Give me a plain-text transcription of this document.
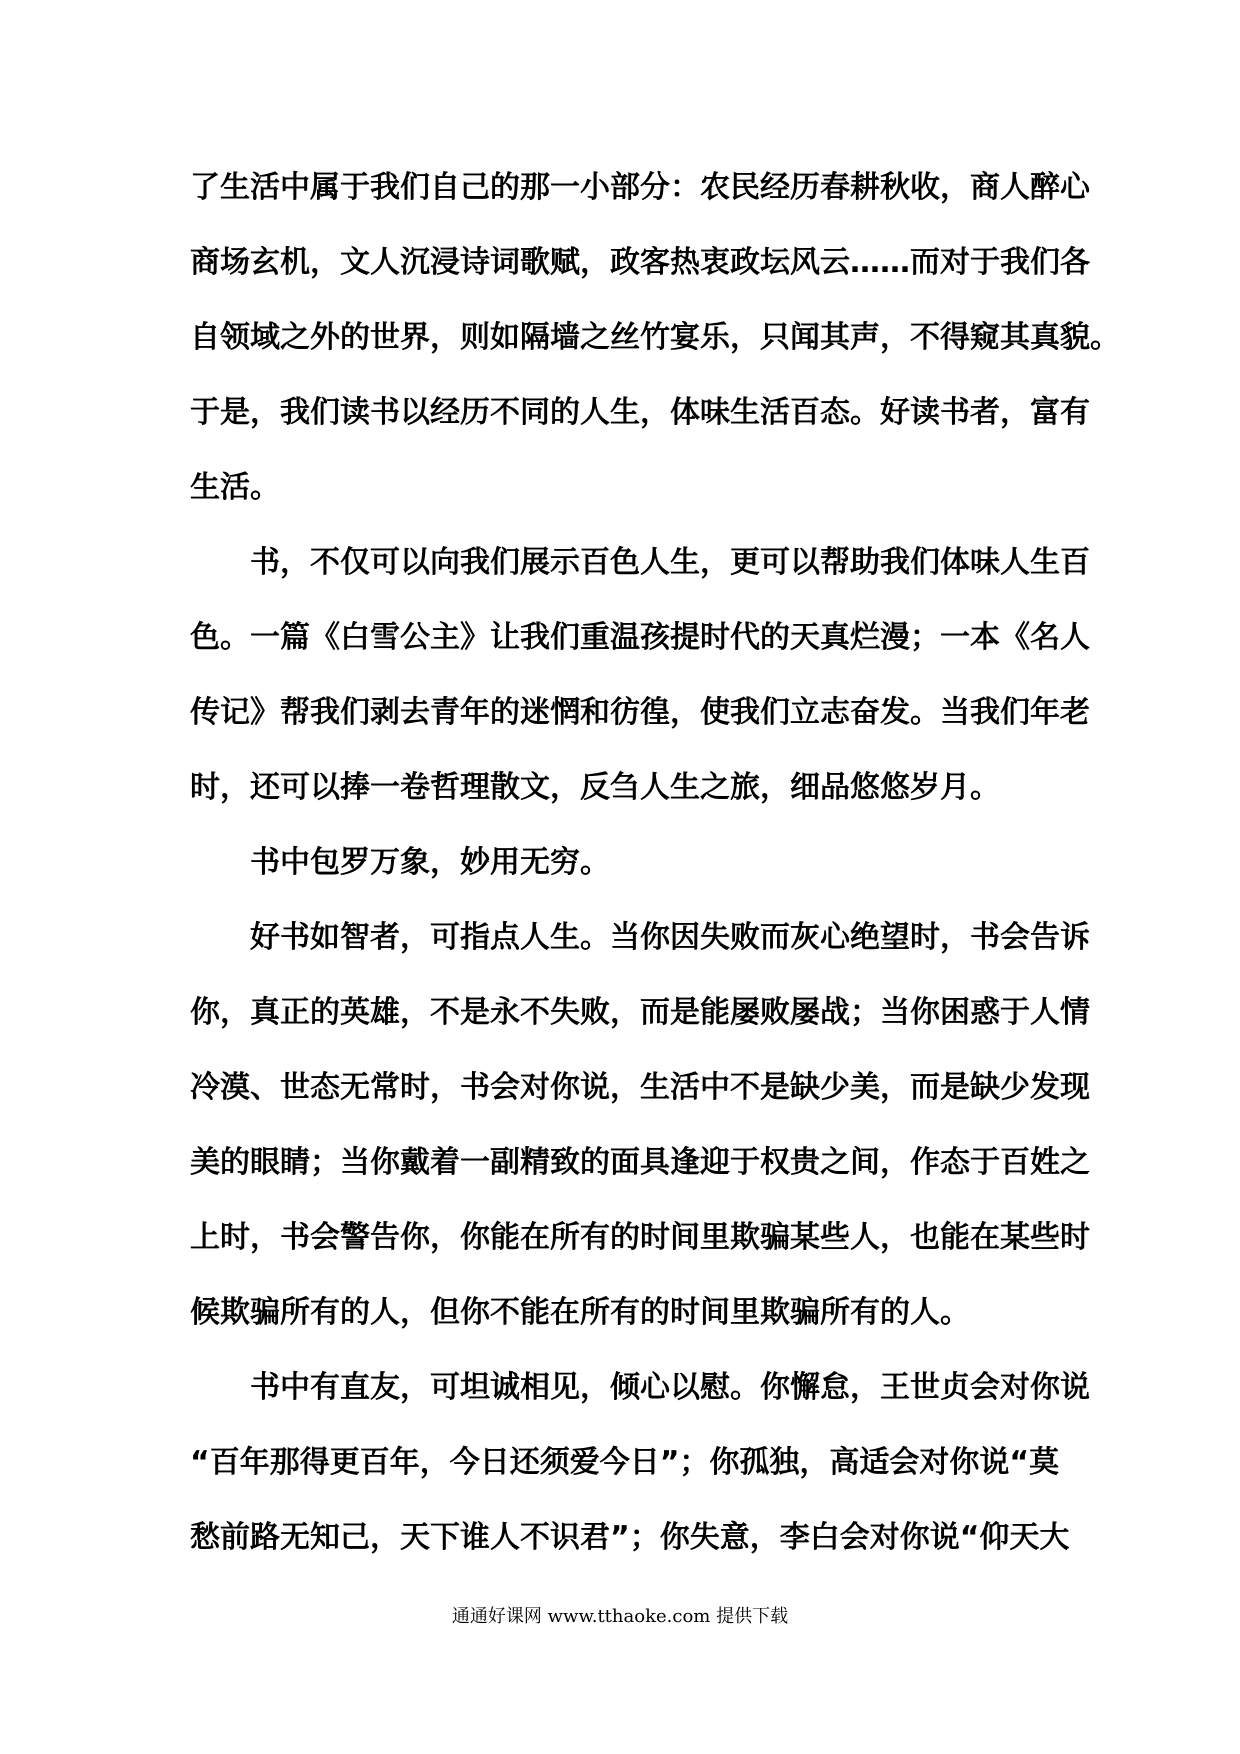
了生活中属于我们自己的那一小部分：农民经历春耕秋收，商人醉心
商场玄机，文人沉浸诗词歌赋，政客热衷政坛风云……而对于我们各
自领域之外的世界，则如隔墙之丝竹宴乐，只闻其声，不得窥其真貌。
于是，我们读书以经历不同的人生，体味生活百态。好读书者，富有
生活。
　　书，不仅可以向我们展示百色人生，更可以帮助我们体味人生百
色。一篇《白雪公主》让我们重温孩提时代的天真烂漫；一本《名人
传记》帮我们剥去青年的迷惘和彷徨，使我们立志奋发。当我们年老
时，还可以捧一卷哲理散文，反刍人生之旅，细品悠悠岁月。
　　书中包罗万象，妙用无穷。
　　好书如智者，可指点人生。当你因失败而灰心绝望时，书会告诉
你，真正的英雄，不是永不失败，而是能屡败屡战；当你困惑于人情
冷漠、世态无常时，书会对你说，生活中不是缺少美，而是缺少发现
美的眼睛；当你戴着一副精致的面具逢迎于权贵之间，作态于百姓之
上时，书会警告你，你能在所有的时间里欺骗某些人，也能在某些时
候欺骗所有的人，但你不能在所有的时间里欺骗所有的人。
　　书中有直友，可坦诚相见，倾心以慰。你懈怠，王世贞会对你说
“百年那得更百年，今日还须爱今日”；你孤独，高适会对你说“莫
愁前路无知己，天下谁人不识君”；你失意，李白会对你说“仰天大
通通好课网 www.tthaoke.com 提供下载
